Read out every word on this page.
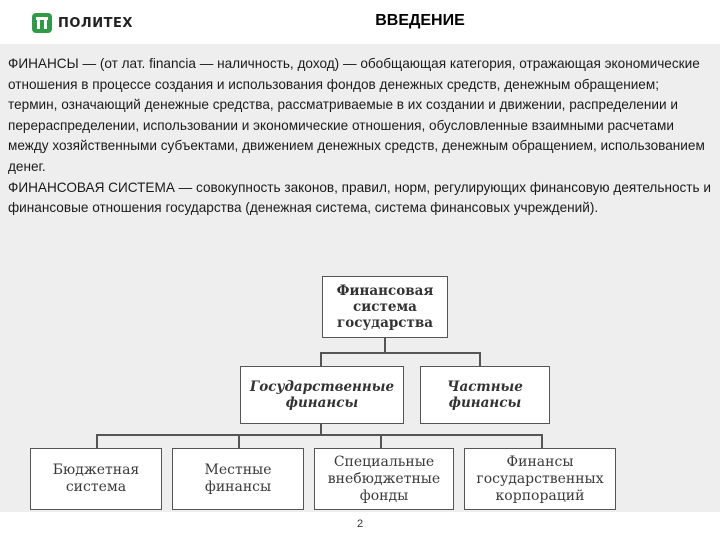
ПОЛИТЕХ	ВВЕДЕНИЕ

ФИНАНСЫ — (от лат. financia — наличность, доход) — обобщающая категория, отражающая экономические отношения в процессе создания и использования фондов денежных средств, денежным обращением; термин, означающий денежные средства, рассматриваемые в их создании и движении, распределении и перераспределении, использовании и экономические отношения, обусловленные взаимными расчетами между хозяйственными субъектами, движением денежных средств, денежным обращением, использованием денег.

ФИНАНСОВАЯ СИСТЕМА — совокупность законов, правил, норм, регулирующих финансовую деятельность и финансовые отношения государства (денежная система, система финансовых учреждений).

Финансовая
система
государства
Государственные
финансы
Частные
финансы
Бюджетная
система
Местные
финансы
Специальные
внебюджетные
фонды
Финансы
государственных
корпораций
2
